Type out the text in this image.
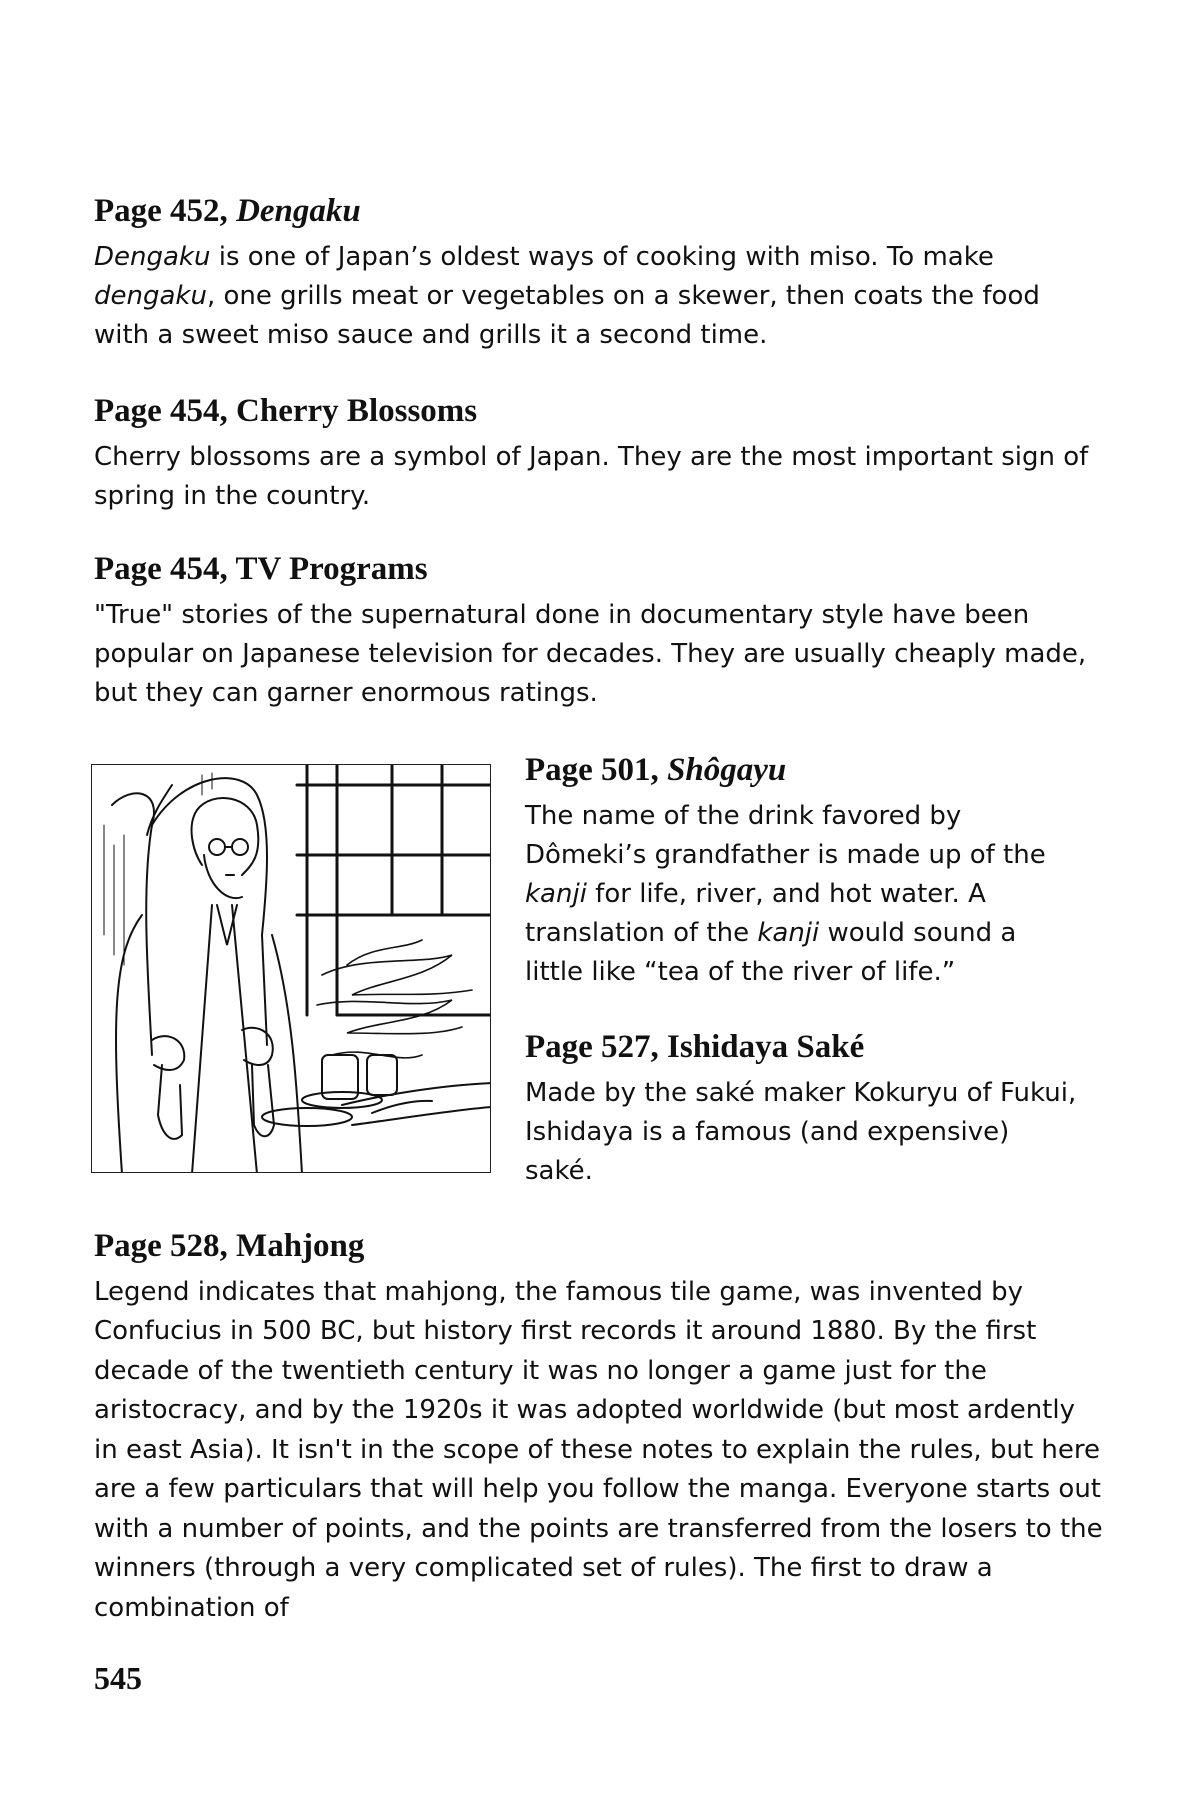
Page 452, Dengaku

Dengaku is one of Japan’s oldest ways of cooking with miso. To make dengaku, one grills meat or vegetables on a skewer, then coats the food with a sweet miso sauce and grills it a second time.

Page 454, Cherry Blossoms

Cherry blossoms are a symbol of Japan. They are the most important sign of spring in the country.

Page 454, TV Programs

"True" stories of the supernatural done in documentary style have been popular on Japanese television for decades. They are usually cheaply made, but they can garner enormous ratings.

Page 501, Shôgayu

The name of the drink favored by Dômeki’s grandfather is made up of the kanji for life, river, and hot water. A translation of the kanji would sound a little like “tea of the river of life.”

Page 527, Ishidaya Saké

Made by the saké maker Kokuryu of Fukui, Ishidaya is a famous (and expensive) saké.

Page 528, Mahjong

Legend indicates that mahjong, the famous tile game, was invented by Confucius in 500 BC, but history first records it around 1880. By the first decade of the twentieth century it was no longer a game just for the aristocracy, and by the 1920s it was adopted worldwide (but most ardently in east Asia). It isn't in the scope of these notes to explain the rules, but here are a few particulars that will help you follow the manga. Everyone starts out with a number of points, and the points are transferred from the losers to the winners (through a very complicated set of rules). The first to draw a combination of

545
